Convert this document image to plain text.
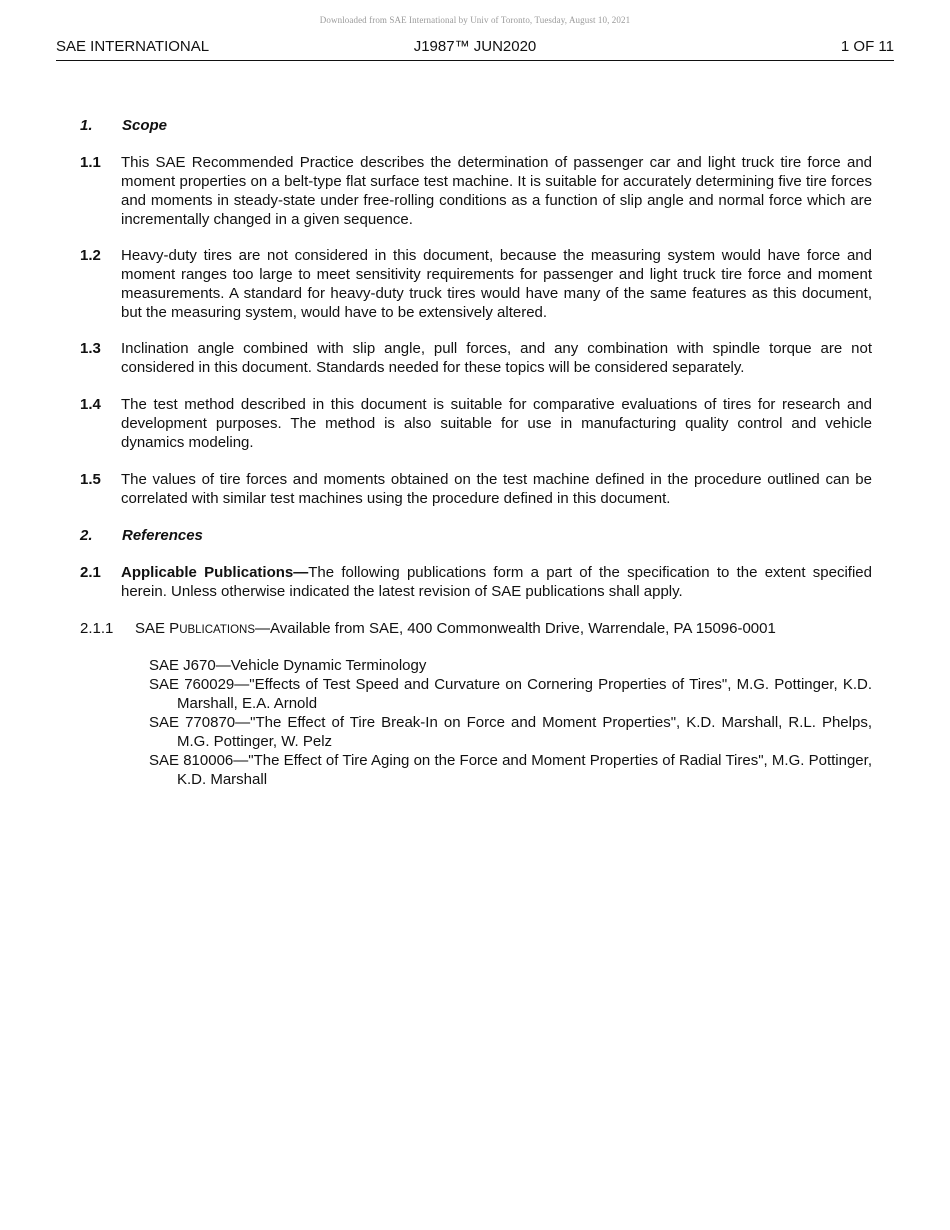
Downloaded from SAE International by Univ of Toronto, Tuesday, August 10, 2021
J1987™ JUN2020
SAE INTERNATIONAL	1 OF 11
1. Scope
1.1 This SAE Recommended Practice describes the determination of passenger car and light truck tire force and moment properties on a belt-type flat surface test machine. It is suitable for accurately determining five tire forces and moments in steady-state under free-rolling conditions as a function of slip angle and normal force which are incrementally changed in a given sequence.
1.2 Heavy-duty tires are not considered in this document, because the measuring system would have force and moment ranges too large to meet sensitivity requirements for passenger and light truck tire force and moment measurements. A standard for heavy-duty truck tires would have many of the same features as this document, but the measuring system, would have to be extensively altered.
1.3 Inclination angle combined with slip angle, pull forces, and any combination with spindle torque are not considered in this document. Standards needed for these topics will be considered separately.
1.4 The test method described in this document is suitable for comparative evaluations of tires for research and development purposes. The method is also suitable for use in manufacturing quality control and vehicle dynamics modeling.
1.5 The values of tire forces and moments obtained on the test machine defined in the procedure outlined can be correlated with similar test machines using the procedure defined in this document.
2. References
2.1 Applicable Publications—The following publications form a part of the specification to the extent specified herein. Unless otherwise indicated the latest revision of SAE publications shall apply.
2.1.1 SAE PUBLICATIONS—Available from SAE, 400 Commonwealth Drive, Warrendale, PA 15096-0001
SAE J670—Vehicle Dynamic Terminology
SAE 760029—"Effects of Test Speed and Curvature on Cornering Properties of Tires", M.G. Pottinger, K.D. Marshall, E.A. Arnold
SAE 770870—"The Effect of Tire Break-In on Force and Moment Properties", K.D. Marshall, R.L. Phelps, M.G. Pottinger, W. Pelz
SAE 810006—"The Effect of Tire Aging on the Force and Moment Properties of Radial Tires", M.G. Pottinger, K.D. Marshall
